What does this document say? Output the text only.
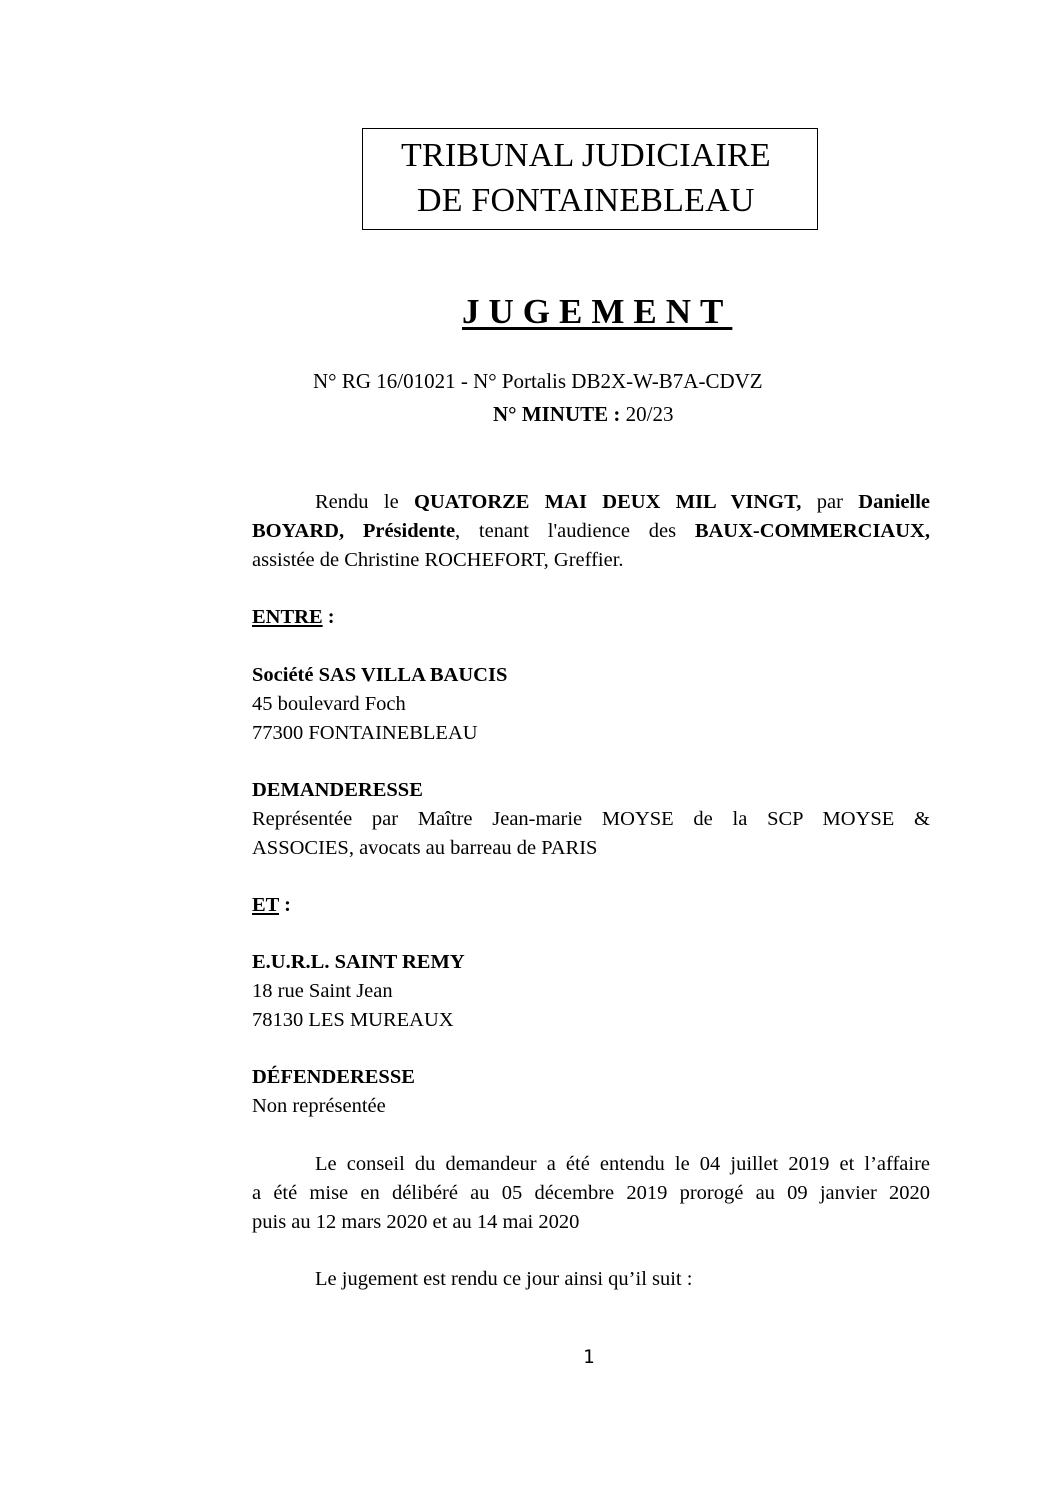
TRIBUNAL JUDICIAIRE
DE FONTAINEBLEAU
JUGEMENT
N° RG 16/01021 - N° Portalis DB2X-W-B7A-CDVZ
N° MINUTE : 20/23
Rendu le QUATORZE MAI DEUX MIL VINGT, par Danielle
BOYARD, Présidente, tenant l'audience des BAUX-COMMERCIAUX,
assistée de Christine ROCHEFORT, Greffier.
ENTRE :
Société SAS VILLA BAUCIS
45 boulevard Foch
77300 FONTAINEBLEAU
DEMANDERESSE
Représentée par Maître Jean-marie MOYSE de la SCP MOYSE &
ASSOCIES, avocats au barreau de PARIS
ET :
E.U.R.L. SAINT REMY
18 rue Saint Jean
78130 LES MUREAUX
DÉFENDERESSE
Non représentée
Le conseil du demandeur a été entendu le 04 juillet 2019 et l’affaire
a été mise en délibéré au 05 décembre 2019 prorogé au 09 janvier 2020
puis au 12 mars 2020 et au 14 mai 2020
Le jugement est rendu ce jour ainsi qu’il suit :
1
